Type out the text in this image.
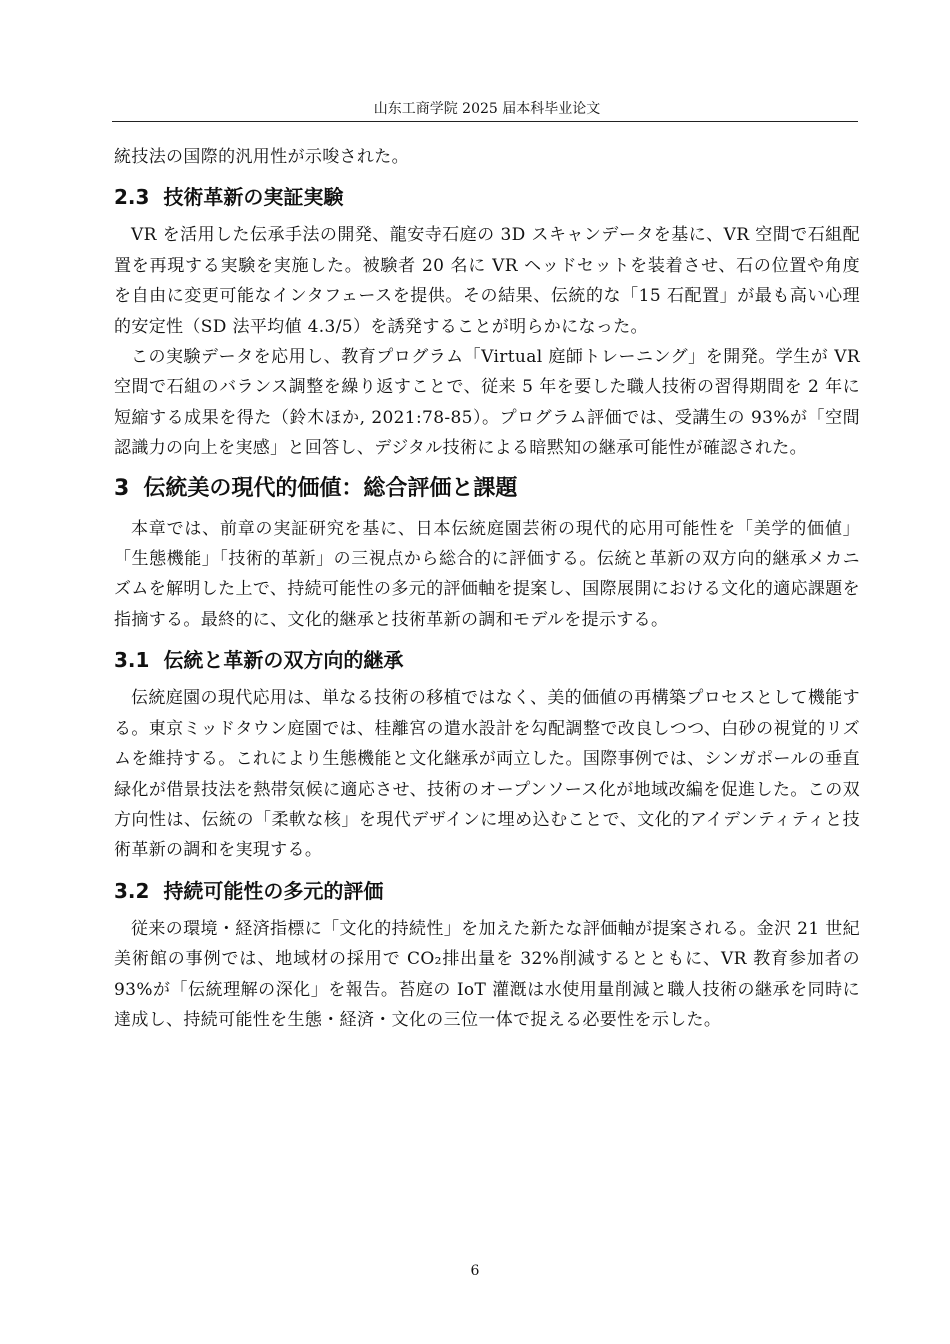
山东工商学院 2025 届本科毕业论文

統技法の国際的汎用性が示唆された。

2.3 技術革新の実証実験

VR を活用した伝承手法の開発、龍安寺石庭の 3D スキャンデータを基に、VR 空間で石組配置を再現する実験を実施した。被験者 20 名に VR ヘッドセットを装着させ、石の位置や角度を自由に変更可能なインタフェースを提供。その結果、伝統的な「15 石配置」が最も高い心理的安定性（SD 法平均値 4.3/5）を誘発することが明らかになった。

この実験データを応用し、教育プログラム「Virtual 庭師トレーニング」を開発。学生が VR 空間で石組のバランス調整を繰り返すことで、従来 5 年を要した職人技術の習得期間を 2 年に短縮する成果を得た（鈴木ほか, 2021:78-85）。プログラム評価では、受講生の 93%が「空間認識力の向上を実感」と回答し、デジタル技術による暗黙知の継承可能性が確認された。

3 伝統美の現代的価値：総合評価と課題

本章では、前章の実証研究を基に、日本伝統庭園芸術の現代的応用可能性を「美学的価値」「生態機能」「技術的革新」の三視点から総合的に評価する。伝統と革新の双方向的継承メカニズムを解明した上で、持続可能性の多元的評価軸を提案し、国際展開における文化的適応課題を指摘する。最終的に、文化的継承と技術革新の調和モデルを提示する。

3.1 伝統と革新の双方向的継承

伝統庭園の現代応用は、単なる技術の移植ではなく、美的価値の再構築プロセスとして機能する。東京ミッドタウン庭園では、桂離宮の遣水設計を勾配調整で改良しつつ、白砂の視覚的リズムを維持する。これにより生態機能と文化継承が両立した。国際事例では、シンガポールの垂直緑化が借景技法を熱帯気候に適応させ、技術のオープンソース化が地域改編を促進した。この双方向性は、伝統の「柔軟な核」を現代デザインに埋め込むことで、文化的アイデンティティと技術革新の調和を実現する。

3.2 持続可能性の多元的評価

従来の環境・経済指標に「文化的持続性」を加えた新たな評価軸が提案される。金沢 21 世紀美術館の事例では、地域材の採用で CO₂排出量を 32%削減するとともに、VR 教育参加者の 93%が「伝統理解の深化」を報告。苔庭の IoT 灌漑は水使用量削減と職人技術の継承を同時に達成し、持続可能性を生態・経済・文化の三位一体で捉える必要性を示した。

6
